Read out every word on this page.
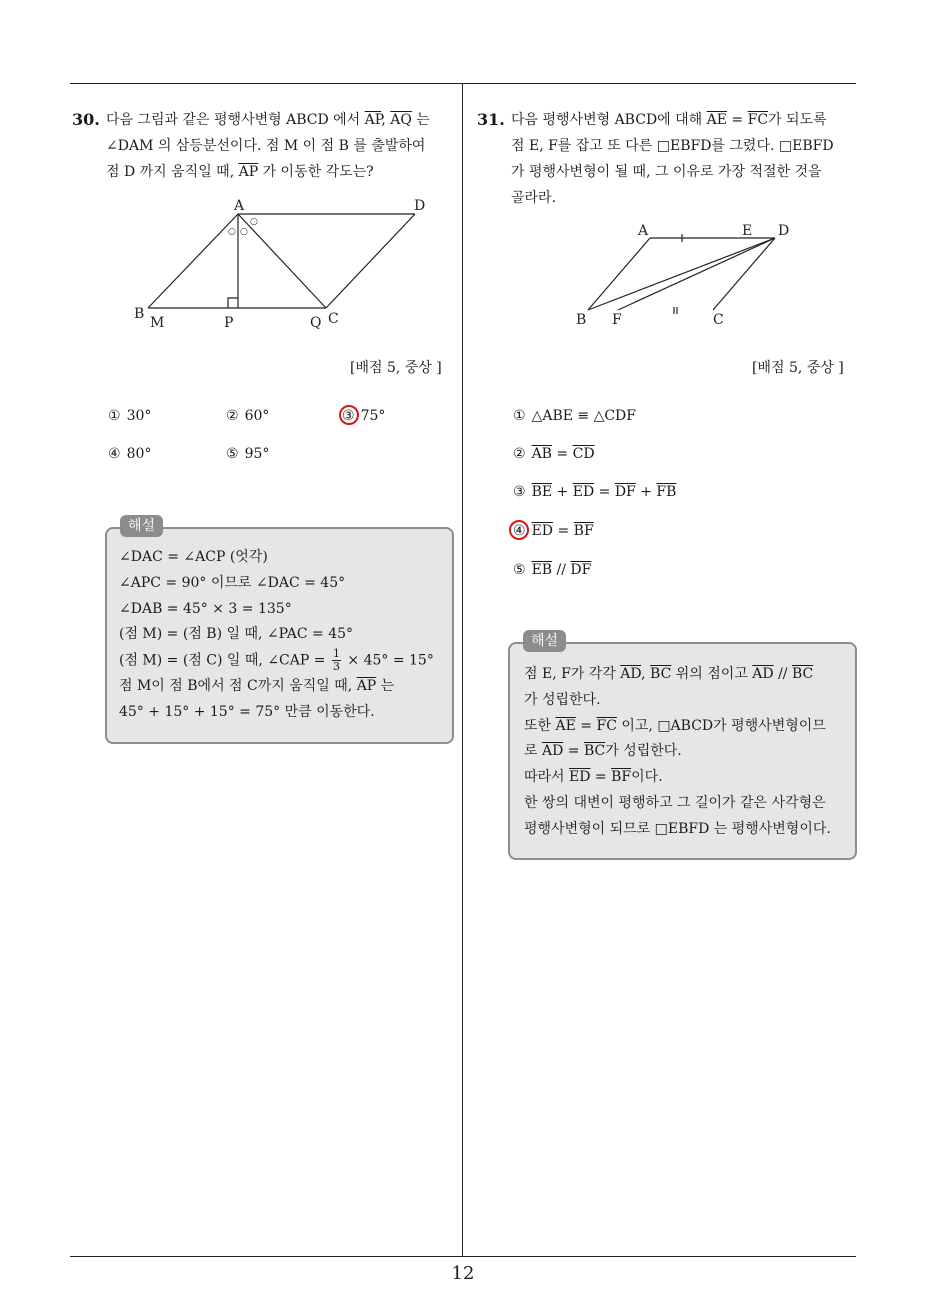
30. 다음 그림과 같은 평행사변형 ABCD 에서 $\overline{AP}$, $\overline{AQ}$ 는
∠DAM 의 삼등분선이다. 점 M 이 점 B 를 출발하여
점 D 까지 움직일 때, $\overline{AP}$ 가 이동한 각도는?
○ ○
○
A	D
B
M	P	Q C
[배점 5, 중상 ]
① 30°	② 60°	③ 75°
④ 80°	⑤ 95°
∠DAC = ∠ACP (엇각)
∠APC = 90° 이므로 ∠DAC = 45°
∠DAB = 45° × 3 = 135°
(점 M) = (점 B) 일 때, ∠PAC = 45°
(점 M) = (점 C) 일 때, ∠CAP = $\frac{1}{3} \times 45^\circ = 15^\circ$
점 M이 점 B에서 점 C까지 움직일 때, $\overline{AP}$ 는
45° + 15° + 15° = 75° 만큼 이동한다.
해설
31. 다음 평행사변형 ABCD에 대해 $\overline{AE} = \overline{FC}$가 되도록
점 E, F를 잡고 또 다른 □EBFD를 그렸다. □EBFD
가 평행사변형이 될 때, 그 이유로 가장 적절한 것을
골라라.
A	E D
B F	C
[배점 5, 중상 ]
① △ABE ≡ △CDF
② $\overline{AB} = \overline{CD}$
③ $\overline{BE} + \overline{ED} = \overline{DF} + \overline{FB}$
④ $\overline{ED} = \overline{BF}$
⑤ $\overline{EB} // \overline{DF}$
점 E, F가 각각 $\overline{AD}$, $\overline{BC}$ 위의 점이고 $\overline{AD} // \overline{BC}$
가 성립한다.
또한 $\overline{AE} = \overline{FC}$ 이고, □ABCD가 평행사변형이므
로 $\overline{AD} = \overline{BC}$가 성립한다.
따라서 $\overline{ED} = \overline{BF}$이다.
한 쌍의 대변이 평행하고 그 길이가 같은 사각형은
평행사변형이 되므로 □EBFD 는 평행사변형이다.
해설
12
